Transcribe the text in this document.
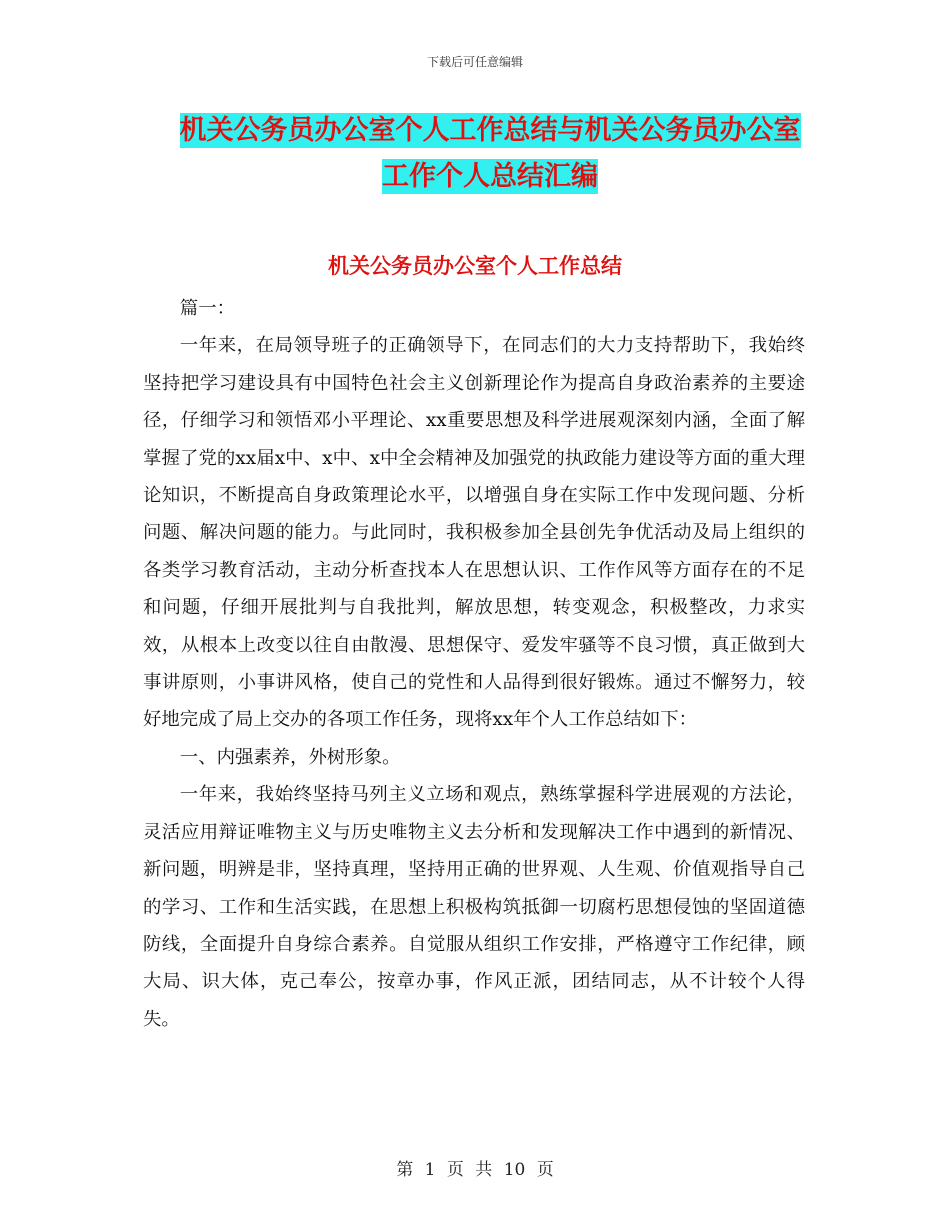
下载后可任意编辑
机关公务员办公室个人工作总结与机关公务员办公室
工作个人总结汇编
机关公务员办公室个人工作总结

篇一：

一年来，在局领导班子的正确领导下，在同志们的大力支持帮助下，我始终坚持把学习建设具有中国特色社会主义创新理论作为提高自身政治素养的主要途径，仔细学习和领悟邓小平理论、xx重要思想及科学进展观深刻内涵，全面了解掌握了党的xx届x中、x中、x中全会精神及加强党的执政能力建设等方面的重大理论知识，不断提高自身政策理论水平，以增强自身在实际工作中发现问题、分析问题、解决问题的能力。与此同时，我积极参加全县创先争优活动及局上组织的各类学习教育活动，主动分析查找本人在思想认识、工作作风等方面存在的不足和问题，仔细开展批判与自我批判，解放思想，转变观念，积极整改，力求实效，从根本上改变以往自由散漫、思想保守、爱发牢骚等不良习惯，真正做到大事讲原则，小事讲风格，使自己的党性和人品得到很好锻炼。通过不懈努力，较好地完成了局上交办的各项工作任务，现将xx年个人工作总结如下：

一、内强素养，外树形象。

一年来，我始终坚持马列主义立场和观点，熟练掌握科学进展观的方法论，灵活应用辩证唯物主义与历史唯物主义去分析和发现解决工作中遇到的新情况、新问题，明辨是非，坚持真理，坚持用正确的世界观、人生观、价值观指导自己的学习、工作和生活实践，在思想上积极构筑抵御一切腐朽思想侵蚀的坚固道德防线，全面提升自身综合素养。自觉服从组织工作安排，严格遵守工作纪律，顾大局、识大体，克己奉公，按章办事，作风正派，团结同志，从不计较个人得失。

第 1 页 共 10 页
